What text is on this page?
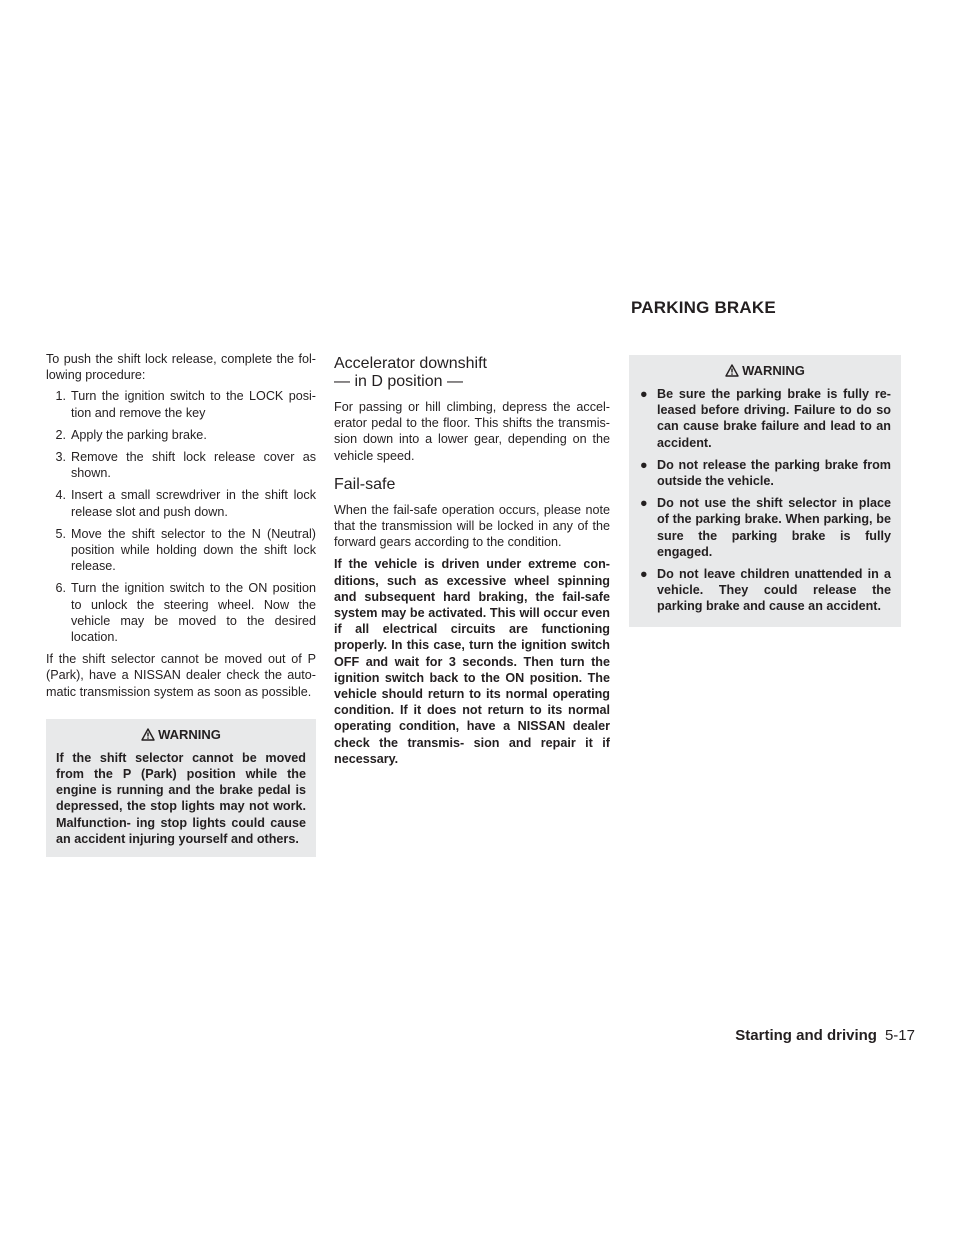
PARKING BRAKE

To push the shift lock release, complete the fol- lowing procedure:

1. Turn the ignition switch to the LOCK posi- tion and remove the key
2. Apply the parking brake.
3. Remove the shift lock release cover as shown.
4. Insert a small screwdriver in the shift lock release slot and push down.
5. Move the shift selector to the N (Neutral) position while holding down the shift lock release.
6. Turn the ignition switch to the ON position to unlock the steering wheel. Now the vehicle may be moved to the desired location.

If the shift selector cannot be moved out of P (Park), have a NISSAN dealer check the auto- matic transmission system as soon as possible.

WARNING
If the shift selector cannot be moved from the P (Park) position while the engine is running and the brake pedal is depressed, the stop lights may not work. Malfunction- ing stop lights could cause an accident injuring yourself and others.
Accelerator downshift
— in D position —

For passing or hill climbing, depress the accel- erator pedal to the floor. This shifts the transmis- sion down into a lower gear, depending on the vehicle speed.

Fail-safe

When the fail-safe operation occurs, please note that the transmission will be locked in any of the forward gears according to the condition.

If the vehicle is driven under extreme con- ditions, such as excessive wheel spinning and subsequent hard braking, the fail-safe system may be activated. This will occur even if all electrical circuits are functioning properly. In this case, turn the ignition switch OFF and wait for 3 seconds. Then turn the ignition switch back to the ON position. The vehicle should return to its normal operating condition. If it does not return to its normal operating condition, have a NISSAN dealer check the transmis- sion and repair it if necessary.

WARNING
● Be sure the parking brake is fully re- leased before driving. Failure to do so can cause brake failure and lead to an accident.
● Do not release the parking brake from outside the vehicle.
● Do not use the shift selector in place of the parking brake. When parking, be sure the parking brake is fully engaged.
● Do not leave children unattended in a vehicle. They could release the parking brake and cause an accident.
Starting and driving 5-17
